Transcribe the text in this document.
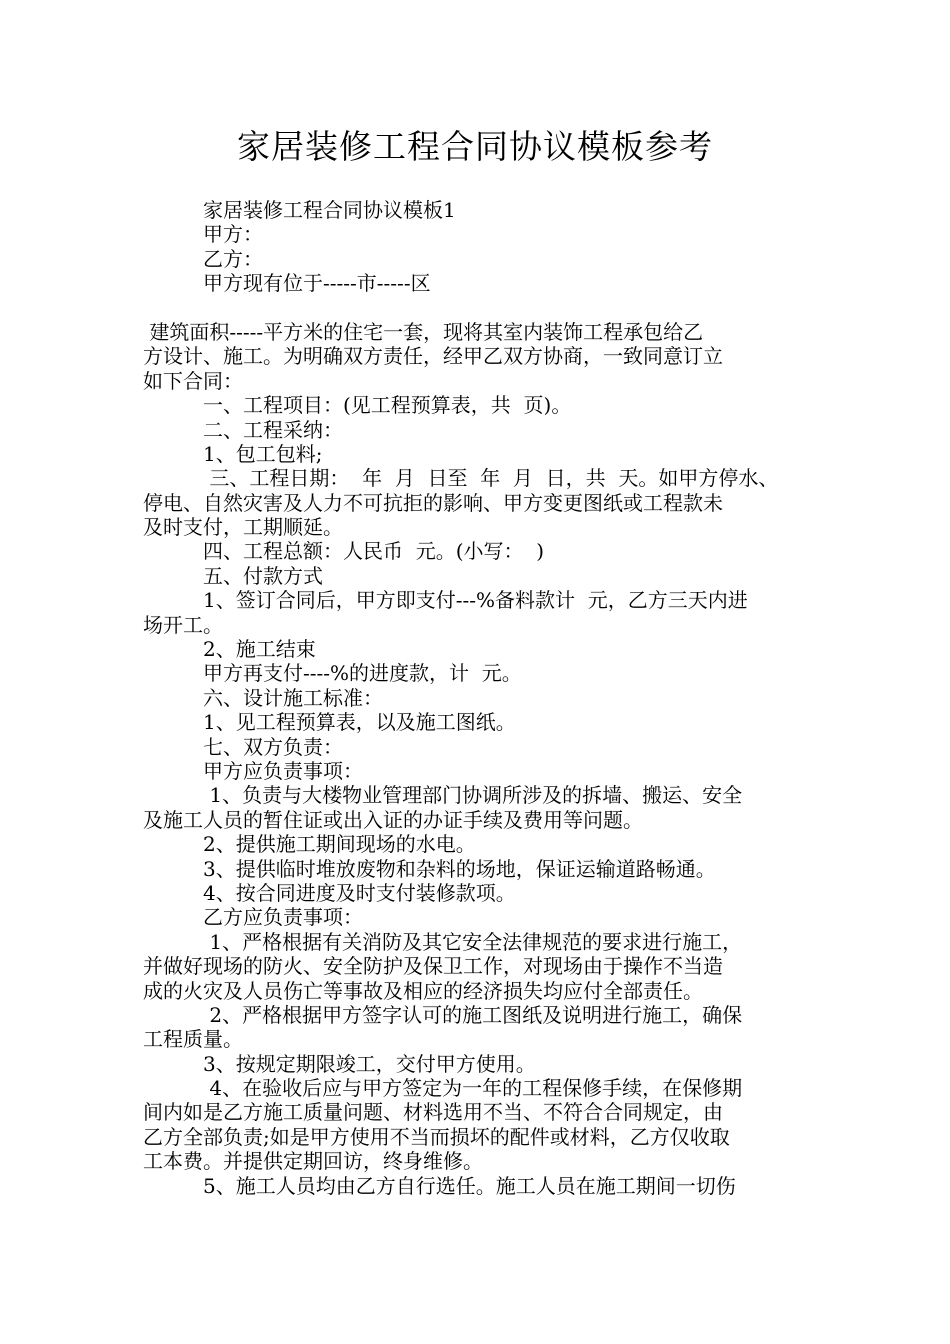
家居装修工程合同协议模板参考
　　　家居装修工程合同协议模板1
　　　甲方：
　　　乙方：
　　　甲方现有位于-----市-----区
建筑面积-----平方米的住宅一套，现将其室内装饰工程承包给乙
方设计、施工。为明确双方责任，经甲乙双方协商，一致同意订立
如下合同：
　　　一、工程项目：(见工程预算表，共  页)。
　　　二、工程采纳：
　　　1、包工包料;
　　　 三、工程日期：  年  月  日至  年  月  日，共  天。如甲方停水、
停电、自然灾害及人力不可抗拒的影响、甲方变更图纸或工程款未
及时支付，工期顺延。
　　　四、工程总额：人民币  元。(小写：  )
　　　五、付款方式
　　　1、签订合同后，甲方即支付---%备料款计  元，乙方三天内进
场开工。
　　　2、施工结束
　　　甲方再支付----%的进度款，计  元。
　　　六、设计施工标准：
　　　1、见工程预算表，以及施工图纸。
　　　七、双方负责：
　　　甲方应负责事项：
　　　 1、负责与大楼物业管理部门协调所涉及的拆墙、搬运、安全
及施工人员的暂住证或出入证的办证手续及费用等问题。
　　　2、提供施工期间现场的水电。
　　　3、提供临时堆放废物和杂料的场地，保证运输道路畅通。
　　　4、按合同进度及时支付装修款项。
　　　乙方应负责事项：
　　　 1、严格根据有关消防及其它安全法律规范的要求进行施工，
并做好现场的防火、安全防护及保卫工作，对现场由于操作不当造
成的火灾及人员伤亡等事故及相应的经济损失均应付全部责任。
　　　 2、严格根据甲方签字认可的施工图纸及说明进行施工，确保
工程质量。
　　　3、按规定期限竣工，交付甲方使用。
　　　 4、在验收后应与甲方签定为一年的工程保修手续，在保修期
间内如是乙方施工质量问题、材料选用不当、不符合合同规定，由
乙方全部负责;如是甲方使用不当而损坏的配件或材料，乙方仅收取
工本费。并提供定期回访，终身维修。
　　　5、施工人员均由乙方自行选任。施工人员在施工期间一切伤
